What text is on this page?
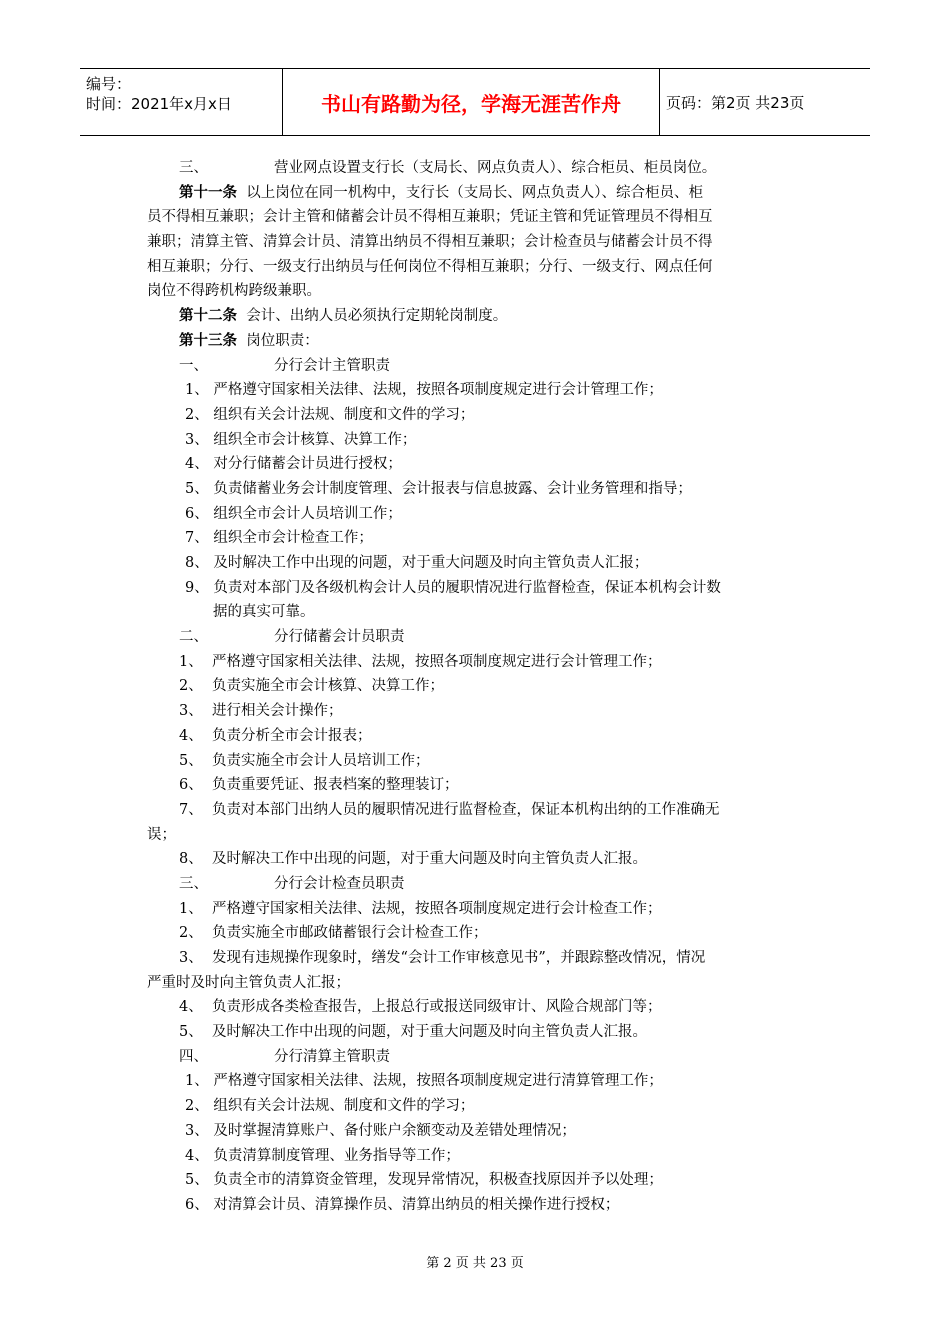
编号：
时间：2021年x月x日	书山有路勤为径，学海无涯苦作舟	页码：第2页 共23页
三、	营业网点设置支行长（支局长、网点负责人）、综合柜员、柜员岗位。
第十一条  以上岗位在同一机构中，支行长（支局长、网点负责人）、综合柜员、柜
员不得相互兼职；会计主管和储蓄会计员不得相互兼职；凭证主管和凭证管理员不得相互
兼职；清算主管、清算会计员、清算出纳员不得相互兼职；会计检查员与储蓄会计员不得
相互兼职；分行、一级支行出纳员与任何岗位不得相互兼职；分行、一级支行、网点任何
岗位不得跨机构跨级兼职。
第十二条  会计、出纳人员必须执行定期轮岗制度。
第十三条  岗位职责：
一、	分行会计主管职责
1、 严格遵守国家相关法律、法规，按照各项制度规定进行会计管理工作；
2、 组织有关会计法规、制度和文件的学习；
3、 组织全市会计核算、决算工作；
4、 对分行储蓄会计员进行授权；
5、 负责储蓄业务会计制度管理、会计报表与信息披露、会计业务管理和指导；
6、 组织全市会计人员培训工作；
7、 组织全市会计检查工作；
8、 及时解决工作中出现的问题，对于重大问题及时向主管负责人汇报；
9、 负责对本部门及各级机构会计人员的履职情况进行监督检查，保证本机构会计数
据的真实可靠。
二、	分行储蓄会计员职责
1、  严格遵守国家相关法律、法规，按照各项制度规定进行会计管理工作；
2、  负责实施全市会计核算、决算工作；
3、  进行相关会计操作；
4、  负责分析全市会计报表；
5、  负责实施全市会计人员培训工作；
6、  负责重要凭证、报表档案的整理装订；
7、  负责对本部门出纳人员的履职情况进行监督检查，保证本机构出纳的工作准确无
误；
8、  及时解决工作中出现的问题，对于重大问题及时向主管负责人汇报。
三、	分行会计检查员职责
1、  严格遵守国家相关法律、法规，按照各项制度规定进行会计检查工作；
2、  负责实施全市邮政储蓄银行会计检查工作；
3、  发现有违规操作现象时，缮发“会计工作审核意见书”，并跟踪整改情况，情况
严重时及时向主管负责人汇报；
4、  负责形成各类检查报告，上报总行或报送同级审计、风险合规部门等；
5、  及时解决工作中出现的问题，对于重大问题及时向主管负责人汇报。
四、	分行清算主管职责
1、 严格遵守国家相关法律、法规，按照各项制度规定进行清算管理工作；
2、 组织有关会计法规、制度和文件的学习；
3、 及时掌握清算账户、备付账户余额变动及差错处理情况；
4、 负责清算制度管理、业务指导等工作；
5、 负责全市的清算资金管理，发现异常情况，积极查找原因并予以处理；
6、 对清算会计员、清算操作员、清算出纳员的相关操作进行授权；
第 2 页 共 23 页
